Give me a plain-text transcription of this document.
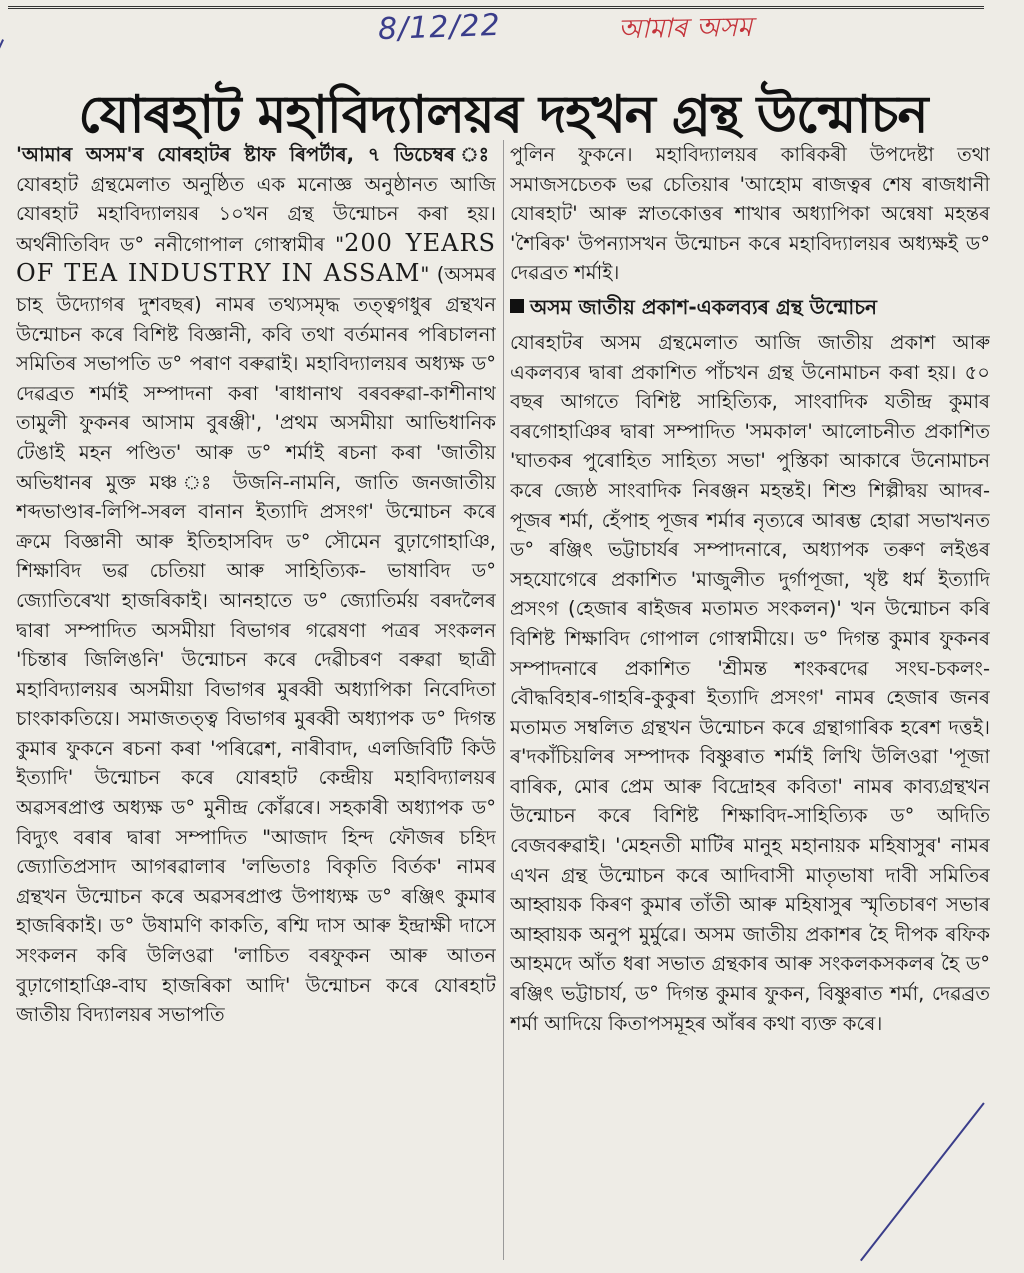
8/12/22	আমাৰ অসম
যোৰহাট মহাবিদ্যালয়ৰ দহখন গ্ৰন্থ উন্মোচন

'আমাৰ অসম'ৰ যোৰহাটৰ ষ্টাফ ৰিপৰ্টাৰ, ৭ ডিচেম্বৰ ঃ যোৰহাট গ্ৰন্থমেলাত অনুষ্ঠিত এক মনোজ্ঞ অনুষ্ঠানত আজি যোৰহাট মহাবিদ্যালয়ৰ ১০খন গ্ৰন্থ উন্মোচন কৰা হয়। অৰ্থনীতিবিদ ড° ননীগোপাল গোস্বামীৰ "200 YEARS OF TEA INDUSTRY IN ASSAM" (অসমৰ চাহ উদ্যোগৰ দুশবছৰ) নামৰ তথ্যসমৃদ্ধ তত্ত্বগধুৰ গ্ৰন্থখন উন্মোচন কৰে বিশিষ্ট বিজ্ঞানী, কবি তথা বৰ্তমানৰ পৰিচালনা সমিতিৰ সভাপতি ড° পৰাণ বৰুৱাই। মহাবিদ্যালয়ৰ অধ্যক্ষ ড° দেৱব্ৰত শৰ্মাই সম্পাদনা কৰা 'ৰাধানাথ বৰবৰুৱা-কাশীনাথ তামুলী ফুকনৰ আসাম বুৰঞ্জী', 'প্ৰথম অসমীয়া আভিধানিক টেঙাই মহন পণ্ডিত' আৰু ড° শৰ্মাই ৰচনা কৰা 'জাতীয় অভিধানৰ মুক্ত মঞ্চ ঃ উজনি-নামনি, জাতি জনজাতীয় শব্দভাণ্ডাৰ-লিপি-সৰল বানান ইত্যাদি প্ৰসংগ' উন্মোচন কৰে ক্ৰমে বিজ্ঞানী আৰু ইতিহাসবিদ ড° সৌমেন বুঢ়াগোহাঞি, শিক্ষাবিদ ভৱ চেতিয়া আৰু সাহিত্যিক- ভাষাবিদ ড° জ্যোতিৰেখা হাজৰিকাই। আনহাতে ড° জ্যোতিৰ্ময় বৰদলৈৰ দ্বাৰা সম্পাদিত অসমীয়া বিভাগৰ গৱেষণা পত্ৰৰ সংকলন 'চিন্তাৰ জিলিঙনি' উন্মোচন কৰে দেৱীচৰণ বৰুৱা ছাত্ৰী মহাবিদ্যালয়ৰ অসমীয়া বিভাগৰ মুৰব্বী অধ্যাপিকা নিবেদিতা চাংকাকতিয়ে। সমাজতত্ত্ব বিভাগৰ মুৰব্বী অধ্যাপক ড° দিগন্ত কুমাৰ ফুকনে ৰচনা কৰা 'পৰিৱেশ, নাৰীবাদ, এলজিবিটি কিউ ইত্যাদি' উন্মোচন কৰে যোৰহাট কেন্দ্ৰীয় মহাবিদ্যালয়ৰ অৱসৰপ্ৰাপ্ত অধ্যক্ষ ড° মুনীন্দ্ৰ কোঁৱৰে। সহকাৰী অধ্যাপক ড° বিদ্যুৎ বৰাৰ দ্বাৰা সম্পাদিত "আজাদ হিন্দ ফৌজৰ চহিদ জ্যোতিপ্ৰসাদ আগৰৱালাৰ 'লভিতাঃ বিকৃতি বিৰ্তক' নামৰ গ্ৰন্থখন উন্মোচন কৰে অৱসৰপ্ৰাপ্ত উপাধ্যক্ষ ড° ৰঞ্জিৎ কুমাৰ হাজৰিকাই। ড° উষামণি কাকতি, ৰশ্মি দাস আৰু ইন্দ্ৰাক্ষী দাসে সংকলন কৰি উলিওৱা 'লাচিত বৰফুকন আৰু আতন বুঢ়াগোহাঞি-বাঘ হাজৰিকা আদি' উন্মোচন কৰে যোৰহাট জাতীয় বিদ্যালয়ৰ সভাপতি

পুলিন ফুকনে। মহাবিদ্যালয়ৰ কাৰিকৰী উপদেষ্টা তথা সমাজসচেতক ভৱ চেতিয়াৰ 'আহোম ৰাজত্বৰ শেষ ৰাজধানী যোৰহাট' আৰু স্নাতকোত্তৰ শাখাৰ অধ্যাপিকা অন্বেষা মহন্তৰ 'শৈৰিক' উপন্যাসখন উন্মোচন কৰে মহাবিদ্যালয়ৰ অধ্যক্ষই ড° দেৱব্ৰত শৰ্মাই।

অসম জাতীয় প্ৰকাশ-একলব্যৰ গ্ৰন্থ উন্মোচন

যোৰহাটৰ অসম গ্ৰন্থমেলাত আজি জাতীয় প্ৰকাশ আৰু একলব্যৰ দ্বাৰা প্ৰকাশিত পাঁচখন গ্ৰন্থ উনোমাচন কৰা হয়। ৫০ বছৰ আগতে বিশিষ্ট সাহিত্যিক, সাংবাদিক যতীন্দ্ৰ কুমাৰ বৰগোহাঞিৰ দ্বাৰা সম্পাদিত 'সমকাল' আলোচনীত প্ৰকাশিত 'ঘাতকৰ পুৰোহিত সাহিত্য সভা' পুস্তিকা আকাৰে উনোমাচন কৰে জ্যেষ্ঠ সাংবাদিক নিৰঞ্জন মহন্তই। শিশু শিল্পীদ্বয় আদৰ-পূজৰ শৰ্মা, হেঁপাহ পূজৰ শৰ্মাৰ নৃত্যৰে আৰম্ভ হোৱা সভাখনত ড° ৰঞ্জিৎ ভট্টাচাৰ্যৰ সম্পাদনাৰে, অধ্যাপক তৰুণ লইঙৰ সহযোগেৰে প্ৰকাশিত 'মাজুলীত দুৰ্গাপূজা, খৃষ্ট ধৰ্ম ইত্যাদি প্ৰসংগ (হেজাৰ ৰাইজৰ মতামত সংকলন)' খন উন্মোচন কৰি বিশিষ্ট শিক্ষাবিদ গোপাল গোস্বামীয়ে। ড° দিগন্ত কুমাৰ ফুকনৰ সম্পাদনাৰে প্ৰকাশিত 'শ্ৰীমন্ত শংকৰদেৱ সংঘ-চকলং-বৌদ্ধবিহাৰ-গাহৰি-কুকুৰা ইত্যাদি প্ৰসংগ' নামৰ হেজাৰ জনৰ মতামত সম্বলিত গ্ৰন্থখন উন্মোচন কৰে গ্ৰন্থাগাৰিক হৰেশ দত্তই। ৰ'দকাঁচিয়লিৰ সম্পাদক বিষ্ণুৰাত শৰ্মাই লিখি উলিওৱা 'পূজা বাৰিক, মোৰ প্ৰেম আৰু বিদ্ৰোহৰ কবিতা' নামৰ কাব্যগ্ৰন্থখন উন্মোচন কৰে বিশিষ্ট শিক্ষাবিদ-সাহিত্যিক ড° অদিতি বেজবৰুৱাই। 'মেহনতী মাটিৰ মানুহ মহানায়ক মহিষাসুৰ' নামৰ এখন গ্ৰন্থ উন্মোচন কৰে আদিবাসী মাতৃভাষা দাবী সমিতিৰ আহ্বায়ক কিৰণ কুমাৰ তাঁতী আৰু মহিষাসুৰ স্মৃতিচাৰণ সভাৰ আহ্বায়ক অনুপ মুৰ্মুৱে। অসম জাতীয় প্ৰকাশৰ হৈ দীপক ৰফিক আহমদে আঁত ধৰা সভাত গ্ৰন্থকাৰ আৰু সংকলকসকলৰ হৈ ড° ৰঞ্জিৎ ভট্টাচাৰ্য, ড° দিগন্ত কুমাৰ ফুকন, বিষ্ণুৰাত শৰ্মা, দেৱব্ৰত শৰ্মা আদিয়ে কিতাপসমূহৰ আঁৰৰ কথা ব্যক্ত কৰে।
